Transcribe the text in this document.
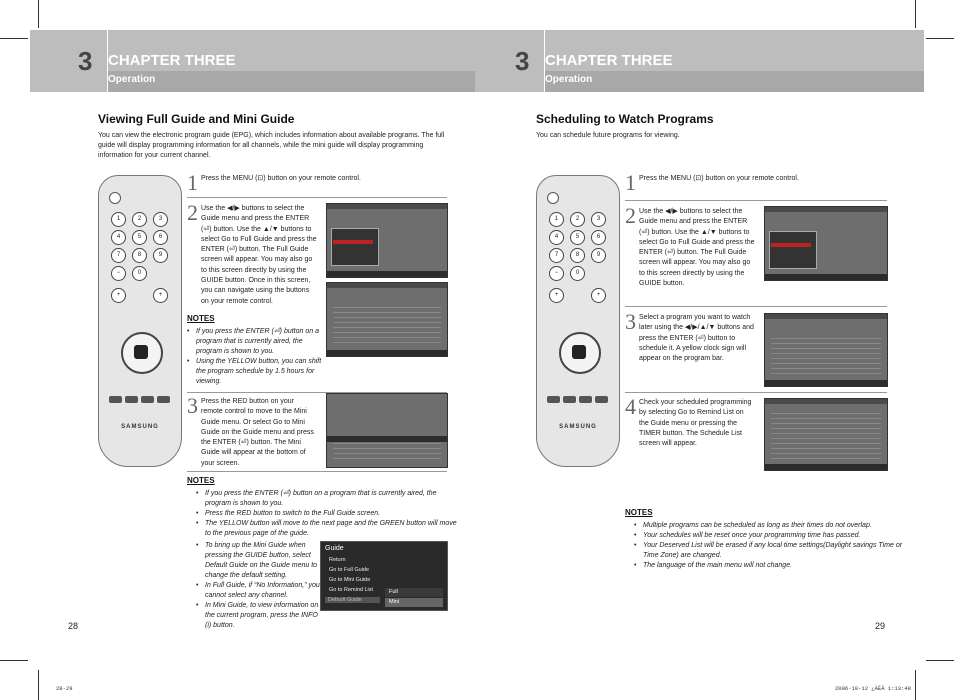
3 CHAPTER THREE
Operation
3 CHAPTER THREE
Operation
Viewing Full Guide and Mini Guide
You can view the electronic program guide (EPG), which includes information about available programs. The full guide will display programming information for all channels, while the mini guide will display programming information for your current channel.
1	2	3
4	5	6
7	8	9
−	0
+	+
SAMSUNG
1 Press the MENU (⊡) button on your remote control.
2 Use the ◀/▶ buttons to select the Guide menu and press the ENTER (⏎) button. Use the ▲/▼ buttons to select Go to Full Guide and press the ENTER (⏎) button. The Full Guide screen will appear. You may also go to this screen directly by using the GUIDE button. Once in this screen, you can navigate using the buttons on your remote control.
NOTES
• If you press the ENTER (⏎) button on a program that is currently aired, the program is shown to you.
• Using the YELLOW button, you can shift the program schedule by 1.5 hours for viewing.
3 Press the RED button on your remote control to move to the Mini Guide menu. Or select Go to Mini Guide on the Guide menu and press the ENTER (⏎) button. The Mini Guide will appear at the bottom of your screen.
NOTES
• If you press the ENTER (⏎) button on a program that is currently aired, the program is shown to you.
• Press the RED button to switch to the Full Guide screen.
• The YELLOW button will move to the next page and the GREEN button will move to the previous page of the guide.
• To bring up the Mini Guide when pressing the GUIDE button, select Default Guide on the Guide menu to change the default setting.
• In Full Guide, if “No Information,” you cannot select any channel.
• In Mini Guide, to view information on the current program, press the INFO (i) button.
Guide
Return
Go to Full Guide
Go to Mini Guide
Go to Remind List
Default Guide
Full
Mini
28
Scheduling to Watch Programs
You can schedule future programs for viewing.
1	2	3
4	5	6
7	8	9
−	0
+	+
SAMSUNG
1 Press the MENU (⊡) button on your remote control.
2 Use the ◀/▶ buttons to select the Guide menu and press the ENTER (⏎) button. Use the ▲/▼ buttons to select Go to Full Guide and press the ENTER (⏎) button. The Full Guide screen will appear. You may also go to this screen directly by using the GUIDE button.
3 Select a program you want to watch later using the ◀/▶/▲/▼ buttons and press the ENTER (⏎) button to schedule it. A yellow clock sign will appear on the program bar.
4 Check your scheduled programming by selecting Go to Remind List on the Guide menu or pressing the TIMER button. The Schedule List screen will appear.
NOTES
• Multiple programs can be scheduled as long as their times do not overlap.
• Your schedules will be reset once your programming time has passed.
• Your Deserved List will be erased if any local time settings(Daylight savings Time or Time Zone) are changed.
• The language of the main menu will not change.
29
28-29	2006-10-12 ¿ÀÈÄ 1:13:48
